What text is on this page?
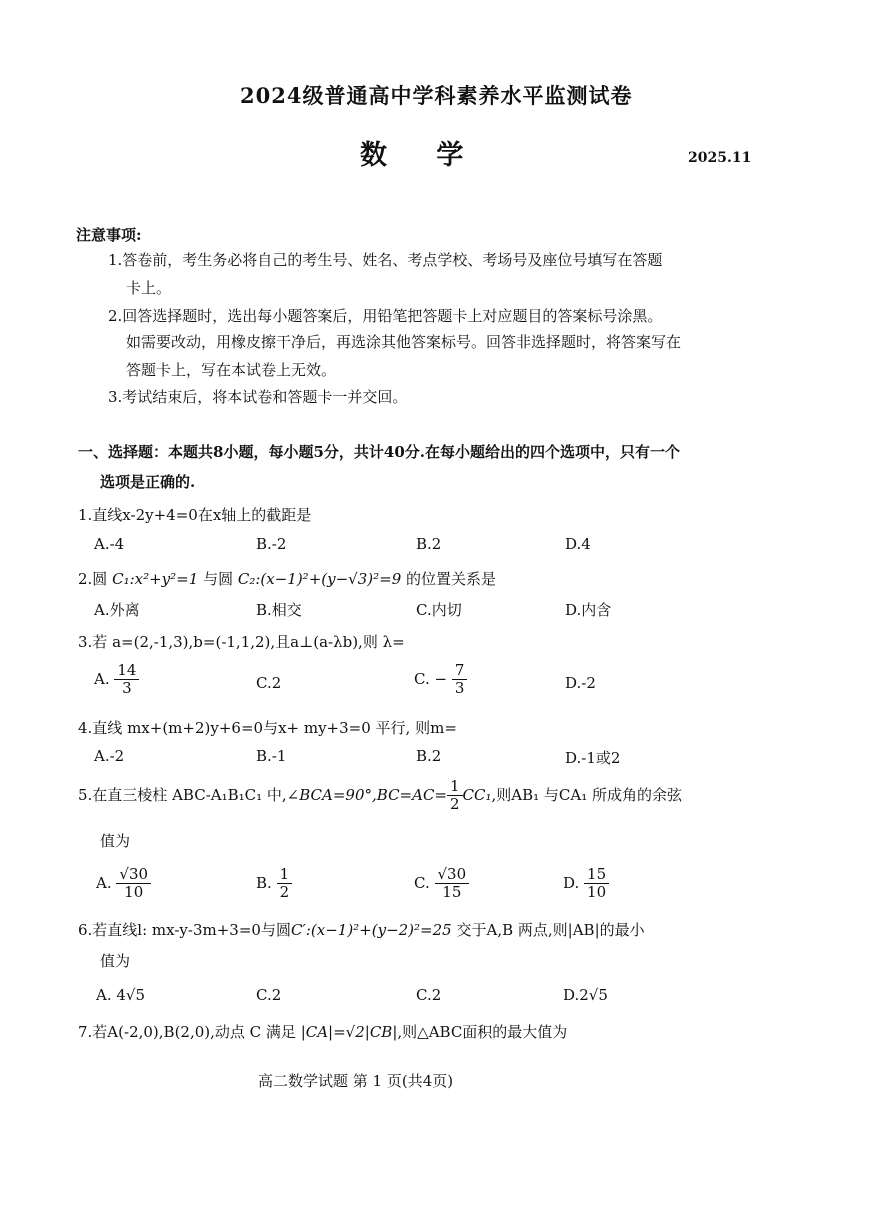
2024级普通高中学科素养水平监测试卷
数 学	2025.11
注意事项:
1.答卷前，考生务必将自己的考生号、姓名、考点学校、考场号及座位号填写在答题
卡上。
2.回答选择题时，选出每小题答案后，用铅笔把答题卡上对应题目的答案标号涂黑。
如需要改动，用橡皮擦干净后，再选涂其他答案标号。回答非选择题时，将答案写在
答题卡上，写在本试卷上无效。
3.考试结束后，将本试卷和答题卡一并交回。
一、选择题：本题共8小题，每小题5分，共计40分.在每小题给出的四个选项中，只有一个
选项是正确的.
1.直线x-2y+4=0在x轴上的截距是
A.-4	B.-2	B.2	D.4
2.圆 C₁:x²+y²=1 与圆 C₂:(x−1)²+(y−√3)²=9 的位置关系是
A.外离	B.相交	C.内切	D.内含
3.若 a=(2,-1,3),b=(-1,1,2),且a⊥(a-λb),则 λ=
A. $\frac{14}{3}$	C.2	C. − $\frac{7}{3}$	D.-2
4.直线 mx+(m+2)y+6=0与x+ my+3=0 平行, 则m=
A.-2	B.-1	B.2	D.-1或2
5.在直三棱柱 ABC-A₁B₁C₁ 中,∠BCA=90°,BC=AC= $\frac{1}{2} CC_1$,则AB₁ 与CA₁ 所成角的余弦
值为
A. $\frac{√30}{10}$	B. $\frac{1}{2}$	C. $\frac{√30}{15}$	D. $\frac{15}{10}$
6.若直线l: mx-y-3m+3=0与圆C′:(x−1)²+(y−2)²=25 交于A,B 两点,则|AB|的最小
值为
A. 4√5	C.2	C.2	D.2√5
7.若A(-2,0),B(2,0),动点 C 满足 |CA|=√2|CB|,则△ABC面积的最大值为
高二数学试题 第 1 页(共4页)
